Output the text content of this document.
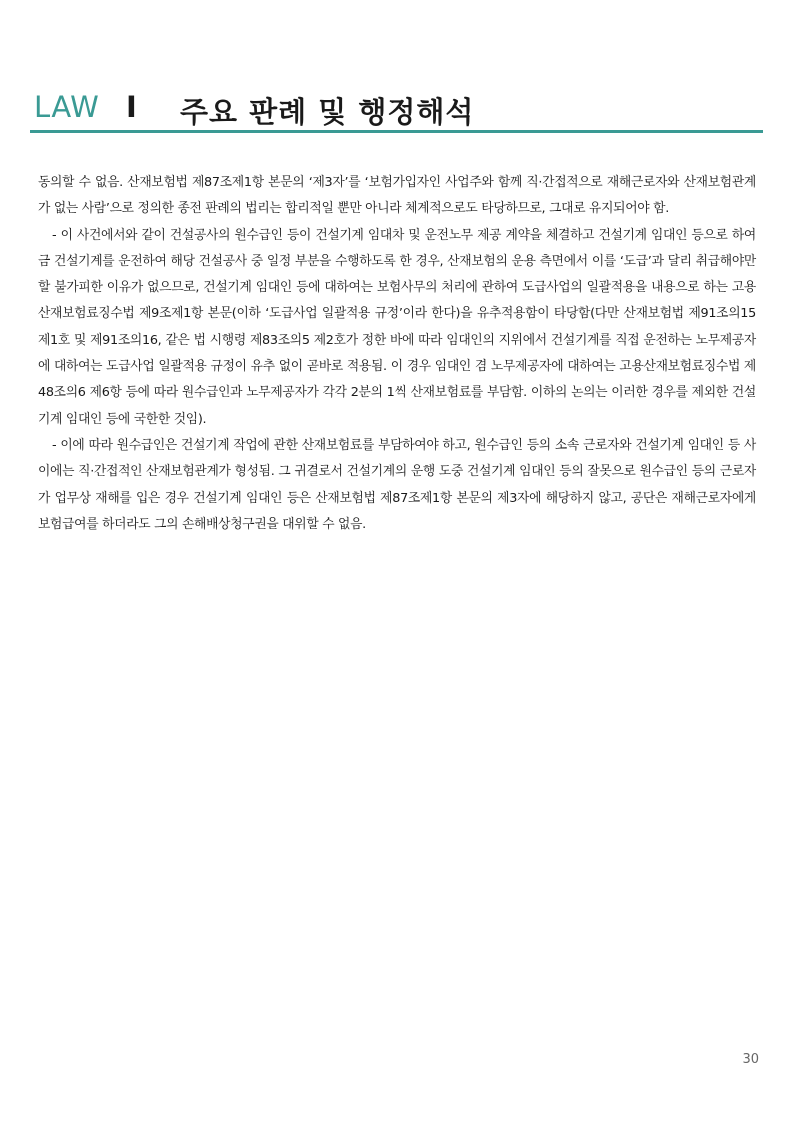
LAW I 주요 판례 및 행정해석

동의할 수 없음. 산재보험법 제87조제1항 본문의 ‘제3자’를 ‘보험가입자인 사업주와 함께 직·간접적으로 재해근로자와 산재보험관계가 없는 사람’으로 정의한 종전 판례의 법리는 합리적일 뿐만 아니라 체계적으로도 타당하므로, 그대로 유지되어야 함.

- 이 사건에서와 같이 건설공사의 원수급인 등이 건설기계 임대차 및 운전노무 제공 계약을 체결하고 건설기계 임대인 등으로 하여금 건설기계를 운전하여 해당 건설공사 중 일정 부분을 수행하도록 한 경우, 산재보험의 운용 측면에서 이를 ‘도급’과 달리 취급해야만 할 불가피한 이유가 없으므로, 건설기계 임대인 등에 대하여는 보험사무의 처리에 관하여 도급사업의 일괄적용을 내용으로 하는 고용산재보험료징수법 제9조제1항 본문(이하 ‘도급사업 일괄적용 규정’이라 한다)을 유추적용함이 타당함(다만 산재보험법 제91조의15 제1호 및 제91조의16, 같은 법 시행령 제83조의5 제2호가 정한 바에 따라 임대인의 지위에서 건설기계를 직접 운전하는 노무제공자에 대하여는 도급사업 일괄적용 규정이 유추 없이 곧바로 적용됨. 이 경우 임대인 겸 노무제공자에 대하여는 고용산재보험료징수법 제48조의6 제6항 등에 따라 원수급인과 노무제공자가 각각 2분의 1씩 산재보험료를 부담함. 이하의 논의는 이러한 경우를 제외한 건설기계 임대인 등에 국한한 것임).

- 이에 따라 원수급인은 건설기계 작업에 관한 산재보험료를 부담하여야 하고, 원수급인 등의 소속 근로자와 건설기계 임대인 등 사이에는 직·간접적인 산재보험관계가 형성됨. 그 귀결로서 건설기계의 운행 도중 건설기계 임대인 등의 잘못으로 원수급인 등의 근로자가 업무상 재해를 입은 경우 건설기계 임대인 등은 산재보험법 제87조제1항 본문의 제3자에 해당하지 않고, 공단은 재해근로자에게 보험급여를 하더라도 그의 손해배상청구권을 대위할 수 없음.

30
